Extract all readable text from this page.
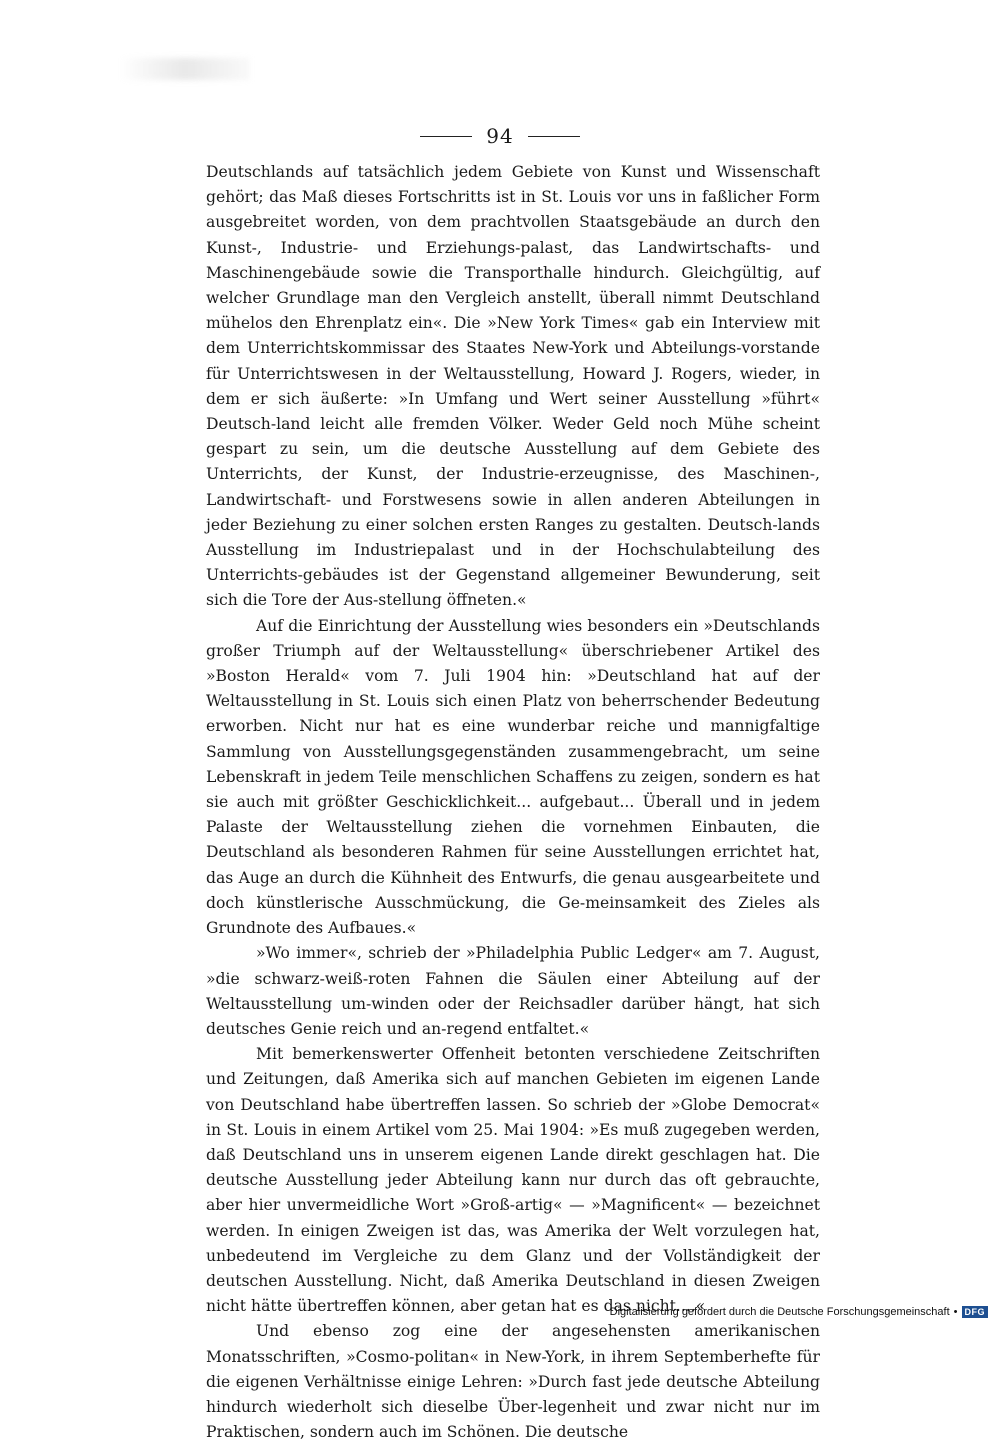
94

Deutschlands auf tatsächlich jedem Gebiete von Kunst und Wissenschaft gehört; das Maß dieses Fortschritts ist in St. Louis vor uns in faßlicher Form ausgebreitet worden, von dem prachtvollen Staatsgebäude an durch den Kunst-, Industrie- und Erziehungs-palast, das Landwirtschafts- und Maschinengebäude sowie die Transporthalle hindurch. Gleichgültig, auf welcher Grundlage man den Vergleich anstellt, überall nimmt Deutschland mühelos den Ehrenplatz ein«. Die »New York Times« gab ein Interview mit dem Unterrichtskommissar des Staates New-York und Abteilungs-vorstande für Unterrichtswesen in der Weltausstellung, Howard J. Rogers, wieder, in dem er sich äußerte: »In Umfang und Wert seiner Ausstellung »führt« Deutsch-land leicht alle fremden Völker. Weder Geld noch Mühe scheint gespart zu sein, um die deutsche Ausstellung auf dem Gebiete des Unterrichts, der Kunst, der Industrie-erzeugnisse, des Maschinen-, Landwirtschaft- und Forstwesens sowie in allen anderen Abteilungen in jeder Beziehung zu einer solchen ersten Ranges zu gestalten. Deutsch-lands Ausstellung im Industriepalast und in der Hochschulabteilung des Unterrichts-gebäudes ist der Gegenstand allgemeiner Bewunderung, seit sich die Tore der Aus-stellung öffneten.«

Auf die Einrichtung der Ausstellung wies besonders ein »Deutschlands großer Triumph auf der Weltausstellung« überschriebener Artikel des »Boston Herald« vom 7. Juli 1904 hin: »Deutschland hat auf der Weltausstellung in St. Louis sich einen Platz von beherrschender Bedeutung erworben. Nicht nur hat es eine wunderbar reiche und mannigfaltige Sammlung von Ausstellungsgegenständen zusammengebracht, um seine Lebenskraft in jedem Teile menschlichen Schaffens zu zeigen, sondern es hat sie auch mit größter Geschicklichkeit... aufgebaut... Überall und in jedem Palaste der Weltausstellung ziehen die vornehmen Einbauten, die Deutschland als besonderen Rahmen für seine Ausstellungen errichtet hat, das Auge an durch die Kühnheit des Entwurfs, die genau ausgearbeitete und doch künstlerische Ausschmückung, die Ge-meinsamkeit des Zieles als Grundnote des Aufbaues.«

»Wo immer«, schrieb der »Philadelphia Public Ledger« am 7. August, »die schwarz-weiß-roten Fahnen die Säulen einer Abteilung auf der Weltausstellung um-winden oder der Reichsadler darüber hängt, hat sich deutsches Genie reich und an-regend entfaltet.«

Mit bemerkenswerter Offenheit betonten verschiedene Zeitschriften und Zeitungen, daß Amerika sich auf manchen Gebieten im eigenen Lande von Deutschland habe übertreffen lassen. So schrieb der »Globe Democrat« in St. Louis in einem Artikel vom 25. Mai 1904: »Es muß zugegeben werden, daß Deutschland uns in unserem eigenen Lande direkt geschlagen hat. Die deutsche Ausstellung jeder Abteilung kann nur durch das oft gebrauchte, aber hier unvermeidliche Wort »Groß-artig« — »Magnificent« — bezeichnet werden. In einigen Zweigen ist das, was Amerika der Welt vorzulegen hat, unbedeutend im Vergleiche zu dem Glanz und der Vollständigkeit der deutschen Ausstellung. Nicht, daß Amerika Deutschland in diesen Zweigen nicht hätte übertreffen können, aber getan hat es das nicht....«

Und ebenso zog eine der angesehensten amerikanischen Monatsschriften, »Cosmo-politan« in New-York, in ihrem Septemberhefte für die eigenen Verhältnisse einige Lehren: »Durch fast jede deutsche Abteilung hindurch wiederholt sich dieselbe Über-legenheit und zwar nicht nur im Praktischen, sondern auch im Schönen. Die deutsche

Digitalisierung gefördert durch die Deutsche Forschungsgemeinschaft • DFG
